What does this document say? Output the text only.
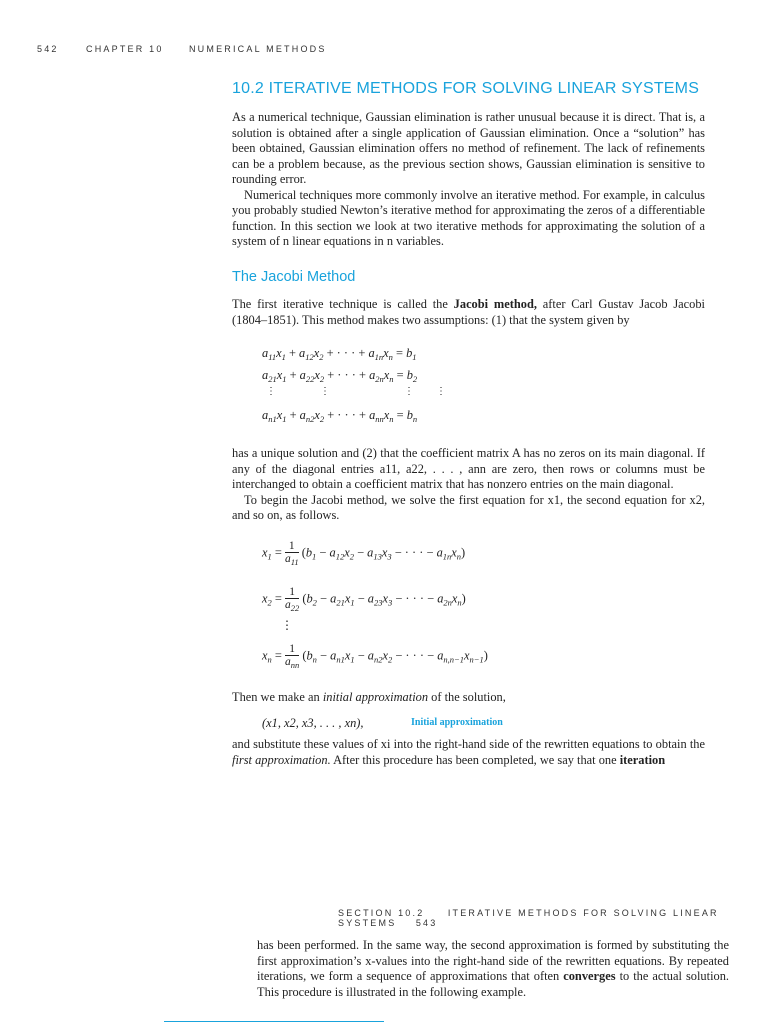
542	CHAPTER 10	NUMERICAL METHODS
10.2 ITERATIVE METHODS FOR SOLVING LINEAR SYSTEMS

As a numerical technique, Gaussian elimination is rather unusual because it is direct. That is, a solution is obtained after a single application of Gaussian elimination. Once a “solution” has been obtained, Gaussian elimination offers no method of refinement. The lack of refinements can be a problem because, as the previous section shows, Gaussian elimination is sensitive to rounding error.

Numerical techniques more commonly involve an iterative method. For example, in calculus you probably studied Newton’s iterative method for approximating the zeros of a differentiable function. In this section we look at two iterative methods for approximating the solution of a system of n linear equations in n variables.

The Jacobi Method

The first iterative technique is called the Jacobi method, after Carl Gustav Jacob Jacobi (1804–1851). This method makes two assumptions: (1) that the system given by

$a_{11}x_1 + a_{12}x_2$ + · · · + $a_{1n}x_n = b_1$
$a_{21}x_1 + a_{22}x_2$ + · · · + $a_{2n}x_n = b_2$
⋮	⋮	⋮ ⋮
$a_{n1}x_1 + a_{n2}x_2$ + · · · + $a_{nn}x_n = b_n$

has a unique solution and (2) that the coefficient matrix A has no zeros on its main diagonal. If any of the diagonal entries a11, a22, . . . , ann are zero, then rows or columns must be interchanged to obtain a coefficient matrix that has nonzero entries on the main diagonal.

To begin the Jacobi method, we solve the first equation for x1, the second equation for x2, and so on, as follows.

$x_1 = \frac{1}{a_{11}} (b_1 - a_{12}x_2 - a_{13}x_3$ − · · · − $a_{1n}x_n$)
$x_2 = \frac{1}{a_{22}} (b_2 - a_{21}x_1 - a_{23}x_3$ − · · · − $a_{2n}x_n$)
⋮
$x_n = \frac{1}{a_{nn}} (b_n - a_{n1}x_1 - a_{n2}x_2$ − · · · − $a_{n,n-1}x_{n-1}$)

Then we make an initial approximation of the solution,

(x1, x2, x3, . . . , xn),	Initial approximation

and substitute these values of xi into the right-hand side of the rewritten equations to obtain the first approximation. After this procedure has been completed, we say that one iteration

SECTION 10.2	ITERATIVE METHODS FOR SOLVING LINEAR SYSTEMS 543

has been performed. In the same way, the second approximation is formed by substituting the first approximation’s x-values into the right-hand side of the rewritten equations. By repeated iterations, we form a sequence of approximations that often converges to the actual solution. This procedure is illustrated in the following example.
